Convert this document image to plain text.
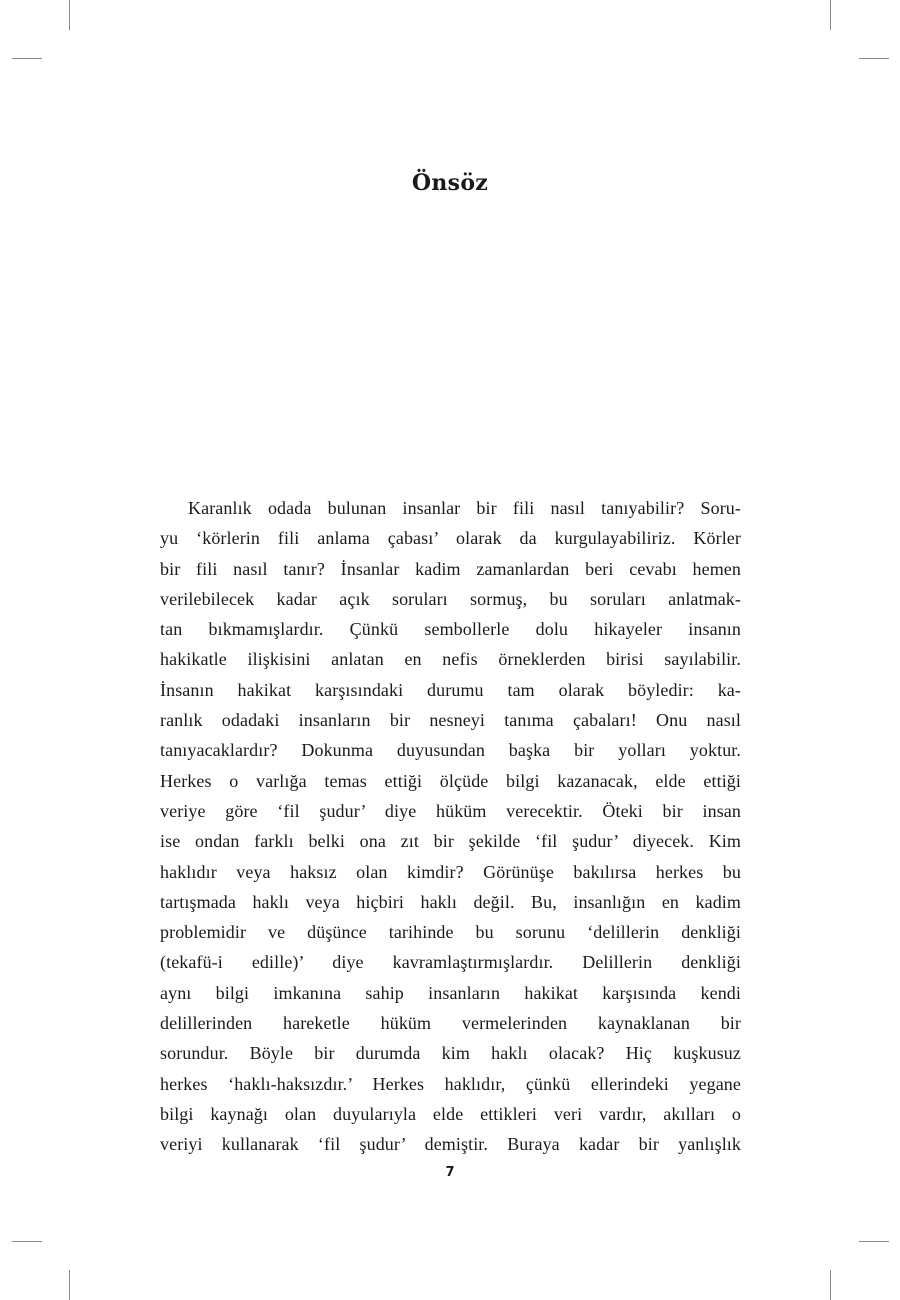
Önsöz
Karanlık odada bulunan insanlar bir fili nasıl tanıyabilir? Soru-
yu ‘körlerin fili anlama çabası’ olarak da kurgulayabiliriz. Körler
bir fili nasıl tanır? İnsanlar kadim zamanlardan beri cevabı hemen
verilebilecek kadar açık soruları sormuş, bu soruları anlatmak-
tan bıkmamışlardır. Çünkü sembollerle dolu hikayeler insanın
hakikatle ilişkisini anlatan en nefis örneklerden birisi sayılabilir.
İnsanın hakikat karşısındaki durumu tam olarak böyledir: ka-
ranlık odadaki insanların bir nesneyi tanıma çabaları! Onu nasıl
tanıyacaklardır? Dokunma duyusundan başka bir yolları yoktur.
Herkes o varlığa temas ettiği ölçüde bilgi kazanacak, elde ettiği
veriye göre ‘fil şudur’ diye hüküm verecektir. Öteki bir insan
ise ondan farklı belki ona zıt bir şekilde ‘fil şudur’ diyecek. Kim
haklıdır veya haksız olan kimdir? Görünüşe bakılırsa herkes bu
tartışmada haklı veya hiçbiri haklı değil. Bu, insanlığın en kadim
problemidir ve düşünce tarihinde bu sorunu ‘delillerin denkliği
(tekafü-i edille)’ diye kavramlaştırmışlardır. Delillerin denkliği
aynı bilgi imkanına sahip insanların hakikat karşısında kendi
delillerinden hareketle hüküm vermelerinden kaynaklanan bir
sorundur. Böyle bir durumda kim haklı olacak? Hiç kuşkusuz
herkes ‘haklı-haksızdır.’ Herkes haklıdır, çünkü ellerindeki yegane
bilgi kaynağı olan duyularıyla elde ettikleri veri vardır, akılları o
veriyi kullanarak ‘fil şudur’ demiştir. Buraya kadar bir yanlışlık
7
